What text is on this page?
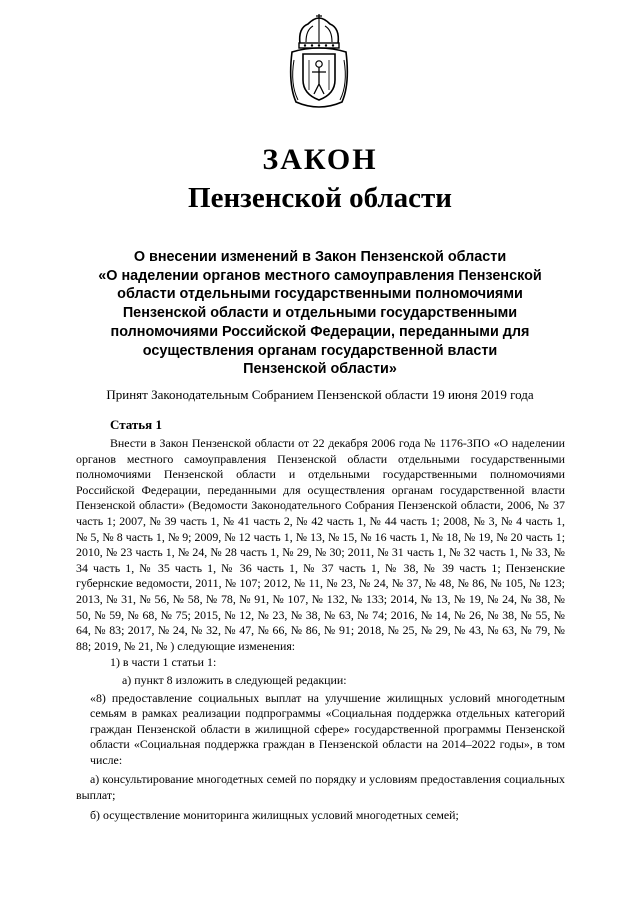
ЗАКОН
Пензенской области
О внесении изменений в Закон Пензенской области
«О наделении органов местного самоуправления Пензенской
области отдельными государственными полномочиями
Пензенской области и отдельными государственными
полномочиями Российской Федерации, переданными для
осуществления органам государственной власти
Пензенской области»
Принят Законодательным Собранием Пензенской области 19 июня 2019 года
Статья 1

Внести в Закон Пензенской области от 22 декабря 2006 года № 1176-ЗПО «О наделении органов местного самоуправления Пензенской области отдельными государственными полномочиями Пензенской области и отдельными государственными полномочиями Российской Федерации, переданными для осуществления органам государственной власти Пензенской области» (Ведомости Законодательного Собрания Пензенской области, 2006, № 37 часть 1; 2007, № 39 часть 1, № 41 часть 2, № 42 часть 1, № 44 часть 1; 2008, № 3, № 4 часть 1, № 5, № 8 часть 1, № 9; 2009, № 12 часть 1, № 13, № 15, № 16 часть 1, № 18, № 19, № 20 часть 1; 2010, № 23 часть 1, № 24, № 28 часть 1, № 29, № 30; 2011, № 31 часть 1, № 32 часть 1, № 33, № 34 часть 1, № 35 часть 1, № 36 часть 1, № 37 часть 1, № 38, № 39 часть 1; Пензенские губернские ведомости, 2011, № 107; 2012, № 11, № 23, № 24, № 37, № 48, № 86, № 105, № 123; 2013, № 31, № 56, № 58, № 78, № 91, № 107, № 132, № 133; 2014, № 13, № 19, № 24, № 38, № 50, № 59, № 68, № 75; 2015, № 12, № 23, № 38, № 63, № 74; 2016, № 14, № 26, № 38, № 55, № 64, № 83; 2017, № 24, № 32, № 47, № 66, № 86, № 91; 2018, № 25, № 29, № 43, № 63, № 79, № 88; 2019, № 21, № ) следующие изменения:

1) в части 1 статьи 1:

а) пункт 8 изложить в следующей редакции:

«8) предоставление социальных выплат на улучшение жилищных условий многодетным семьям в рамках реализации подпрограммы «Социальная поддержка отдельных категорий граждан Пензенской области в жилищной сфере» государственной программы Пензенской области «Социальная поддержка граждан в Пензенской области на 2014–2022 годы», в том числе:

а) консультирование многодетных семей по порядку и условиям предоставления социальных выплат;

б) осуществление мониторинга жилищных условий многодетных семей;
